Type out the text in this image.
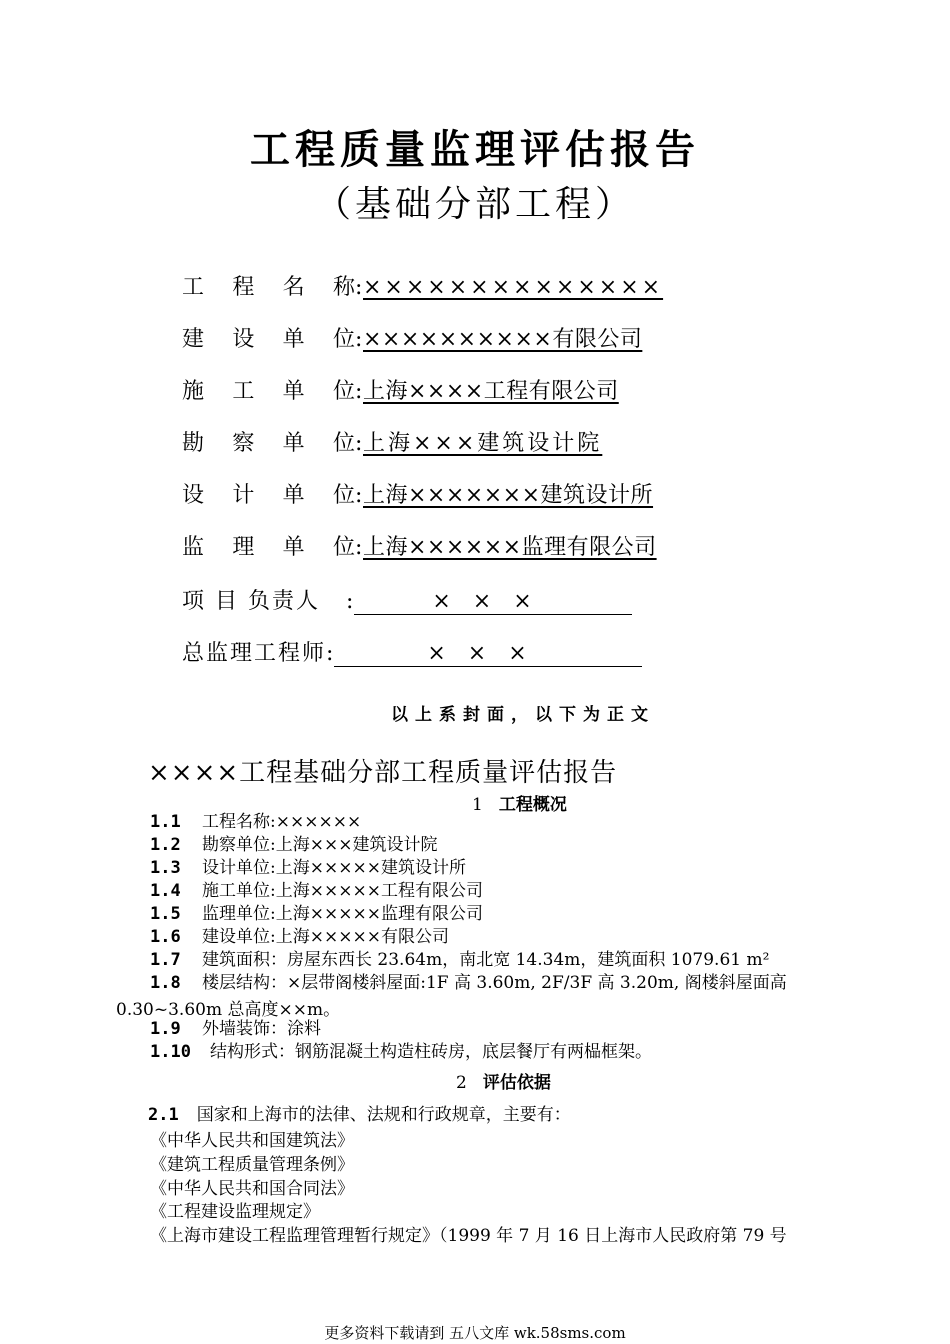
工程质量监理评估报告
（基础分部工程）
工 程 名 称 : ××××××××××××××
建 设 单 位 : ××××××××××有限公司
施 工 单 位 : 上海××××工程有限公司
勘 察 单 位 : 上海×××建筑设计院
设 计 单 位 : 上海×××××××建筑设计所
监 理 单 位 : 上海××××××监理有限公司
项 目 负责人	:	×××
总监理工程师 :	×××
以上系封面，以下为正文
××××工程基础分部工程质量评估报告
1 工程概况
1.1 工程名称:××××××
1.2 勘察单位:上海×××建筑设计院
1.3 设计单位:上海×××××建筑设计所
1.4 施工单位:上海×××××工程有限公司
1.5 监理单位:上海×××××监理有限公司
1.6 建设单位:上海×××××有限公司
1.7 建筑面积：房屋东西长 23.64m，南北宽 14.34m，建筑面积 1079.61 m²
1.8 楼层结构：×层带阁楼斜屋面:1F 高 3.60m, 2F/3F 高 3.20m, 阁楼斜屋面高
0.30~3.60m 总高度××m。
1.9 外墙装饰：涂料
1.10 结构形式：钢筋混凝土构造柱砖房，底层餐厅有两榀框架。
2 评估依据
2.1 国家和上海市的法律、法规和行政规章，主要有：
《中华人民共和国建筑法》
《建筑工程质量管理条例》
《中华人民共和国合同法》
《工程建设监理规定》
《上海市建设工程监理管理暂行规定》（1999 年 7 月 16 日上海市人民政府第 79 号
更多资料下载请到 五八文库 wk.58sms.com
